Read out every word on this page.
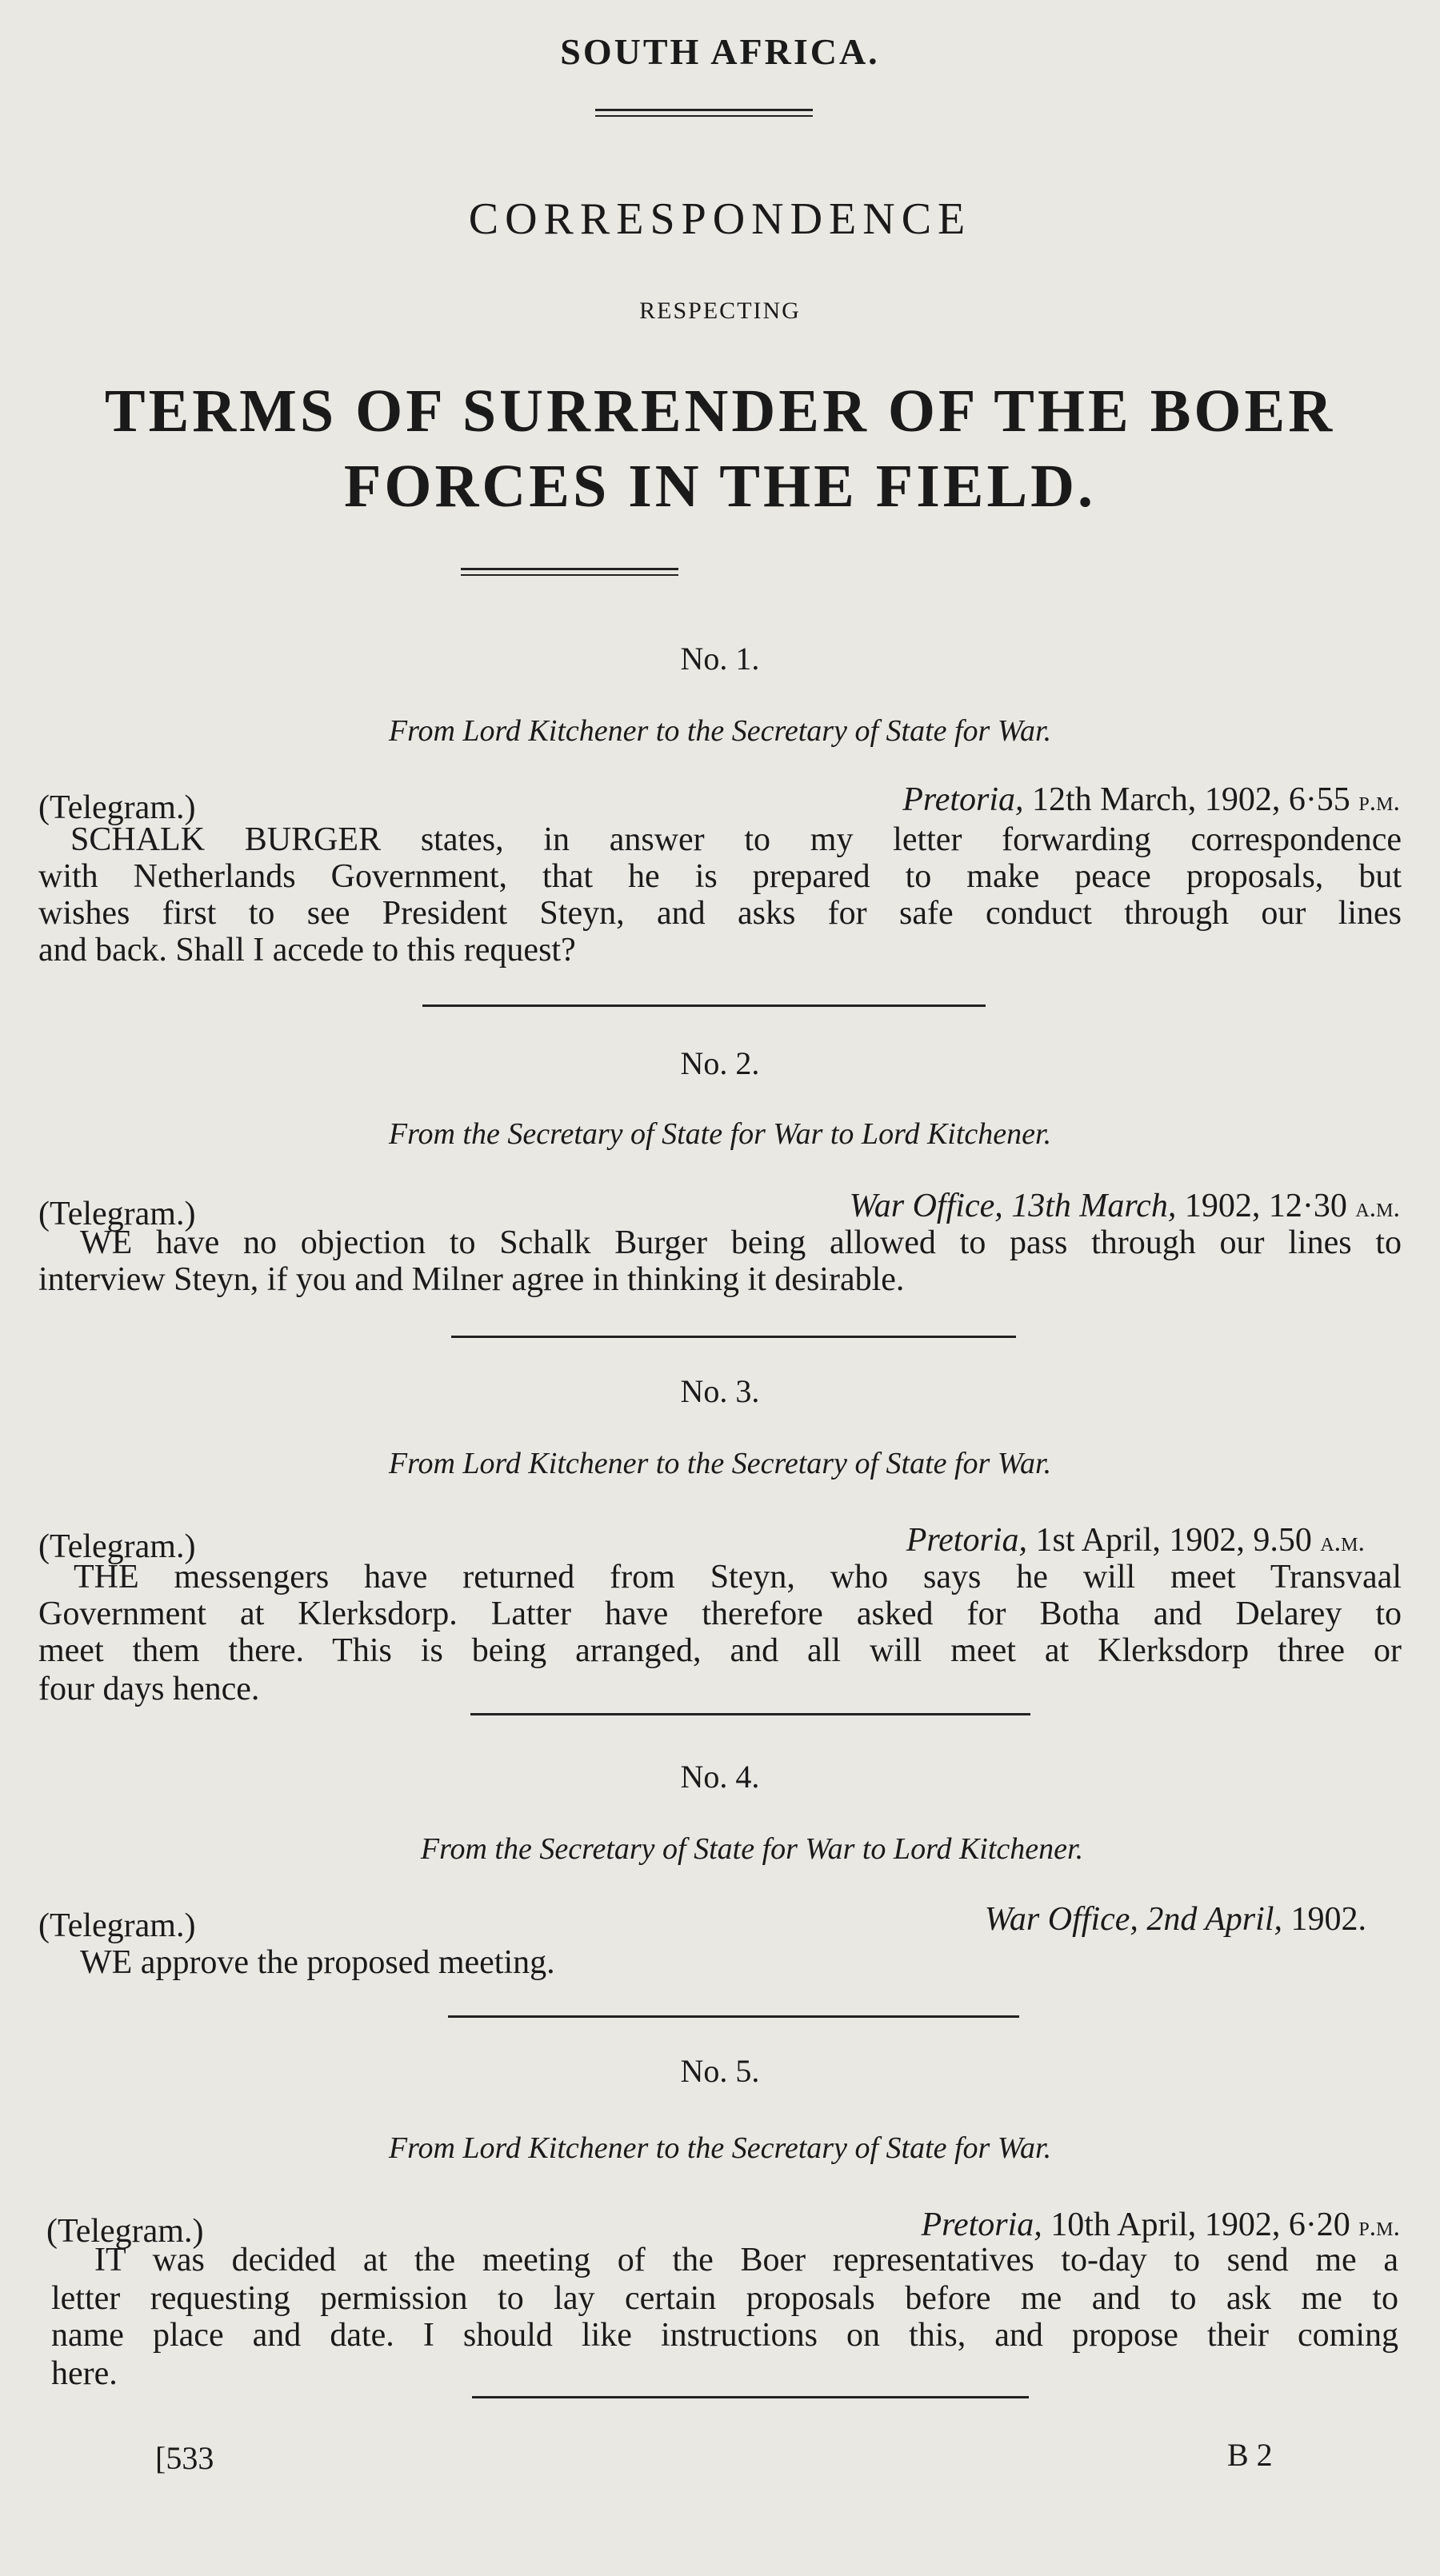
SOUTH AFRICA.
CORRESPONDENCE
RESPECTING
TERMS OF SURRENDER OF THE BOER
FORCES IN THE FIELD.
No. 1.
From Lord Kitchener to the Secretary of State for War.
(Telegram.)	Pretoria, 12th March, 1902, 6·55 p.m.
SCHALK BURGER states, in answer to my letter forwarding correspondence
with Netherlands Government, that he is prepared to make peace proposals, but
wishes first to see President Steyn, and asks for safe conduct through our lines
and back. Shall I accede to this request?
No. 2.
From the Secretary of State for War to Lord Kitchener.
(Telegram.)	War Office, 13th March, 1902, 12·30 a.m.
WE have no objection to Schalk Burger being allowed to pass through our lines to
interview Steyn, if you and Milner agree in thinking it desirable.
No. 3.
From Lord Kitchener to the Secretary of State for War.
(Telegram.)	Pretoria, 1st April, 1902, 9.50 a.m.
THE messengers have returned from Steyn, who says he will meet Transvaal
Government at Klerksdorp. Latter have therefore asked for Botha and Delarey to
meet them there. This is being arranged, and all will meet at Klerksdorp three or
four days hence.
No. 4.
From the Secretary of State for War to Lord Kitchener.
(Telegram.)	War Office, 2nd April, 1902.
WE approve the proposed meeting.
No. 5.
From Lord Kitchener to the Secretary of State for War.
(Telegram.)	Pretoria, 10th April, 1902, 6·20 p.m.
IT was decided at the meeting of the Boer representatives to-day to send me a
letter requesting permission to lay certain proposals before me and to ask me to
name place and date. I should like instructions on this, and propose their coming
here.
[533	B 2
